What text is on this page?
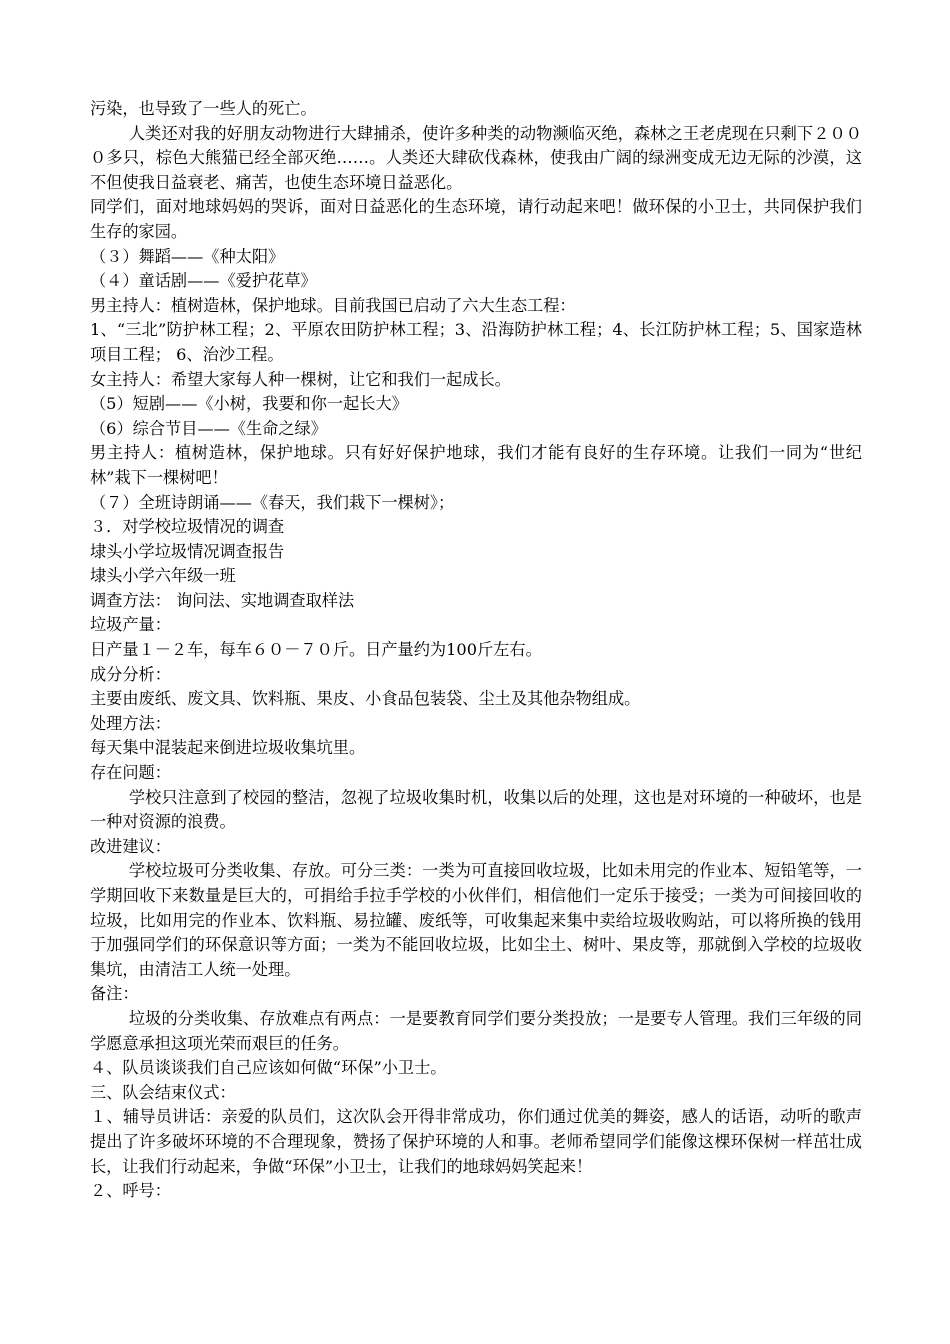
污染，也导致了一些人的死亡。

人类还对我的好朋友动物进行大肆捕杀，使许多种类的动物濒临灭绝，森林之王老虎现在只剩下２０００多只，棕色大熊猫已经全部灭绝……。人类还大肆砍伐森林，使我由广阔的绿洲变成无边无际的沙漠，这不但使我日益衰老、痛苦，也使生态环境日益恶化。

同学们，面对地球妈妈的哭诉，面对日益恶化的生态环境，请行动起来吧！做环保的小卫士，共同保护我们生存的家园。

（３）舞蹈——《种太阳》

（４）童话剧——《爱护花草》

男主持人：植树造林，保护地球。目前我国已启动了六大生态工程：

1、“三北”防护林工程；2、平原农田防护林工程；3、沿海防护林工程；4、长江防护林工程；5、国家造林项目工程； 6、治沙工程。

女主持人：希望大家每人种一棵树，让它和我们一起成长。

（5）短剧——《小树，我要和你一起长大》

（6）综合节目——《生命之绿》

男主持人：植树造林，保护地球。只有好好保护地球，我们才能有良好的生存环境。让我们一同为“世纪林”栽下一棵树吧！

（７）全班诗朗诵——《春天，我们栽下一棵树》；

３．对学校垃圾情况的调查

埭头小学垃圾情况调查报告

埭头小学六年级一班

调查方法： 询问法、实地调查取样法

垃圾产量：

日产量１－２车，每车６０－７０斤。日产量约为100斤左右。

成分分析：

主要由废纸、废文具、饮料瓶、果皮、小食品包装袋、尘土及其他杂物组成。

处理方法：

每天集中混装起来倒进垃圾收集坑里。

存在问题：

学校只注意到了校园的整洁，忽视了垃圾收集时机，收集以后的处理，这也是对环境的一种破坏，也是一种对资源的浪费。

改进建议：

学校垃圾可分类收集、存放。可分三类：一类为可直接回收垃圾，比如未用完的作业本、短铅笔等，一学期回收下来数量是巨大的，可捐给手拉手学校的小伙伴们，相信他们一定乐于接受；一类为可间接回收的垃圾，比如用完的作业本、饮料瓶、易拉罐、废纸等，可收集起来集中卖给垃圾收购站，可以将所换的钱用于加强同学们的环保意识等方面；一类为不能回收垃圾，比如尘土、树叶、果皮等，那就倒入学校的垃圾收集坑，由清洁工人统一处理。

备注：

垃圾的分类收集、存放难点有两点：一是要教育同学们要分类投放；一是要专人管理。我们三年级的同学愿意承担这项光荣而艰巨的任务。

４、队员谈谈我们自己应该如何做“环保”小卫士。

三、队会结束仪式：

１、辅导员讲话：亲爱的队员们，这次队会开得非常成功，你们通过优美的舞姿，感人的话语，动听的歌声提出了许多破坏环境的不合理现象，赞扬了保护环境的人和事。老师希望同学们能像这棵环保树一样茁壮成长，让我们行动起来，争做“环保”小卫士，让我们的地球妈妈笑起来！

２、呼号：
